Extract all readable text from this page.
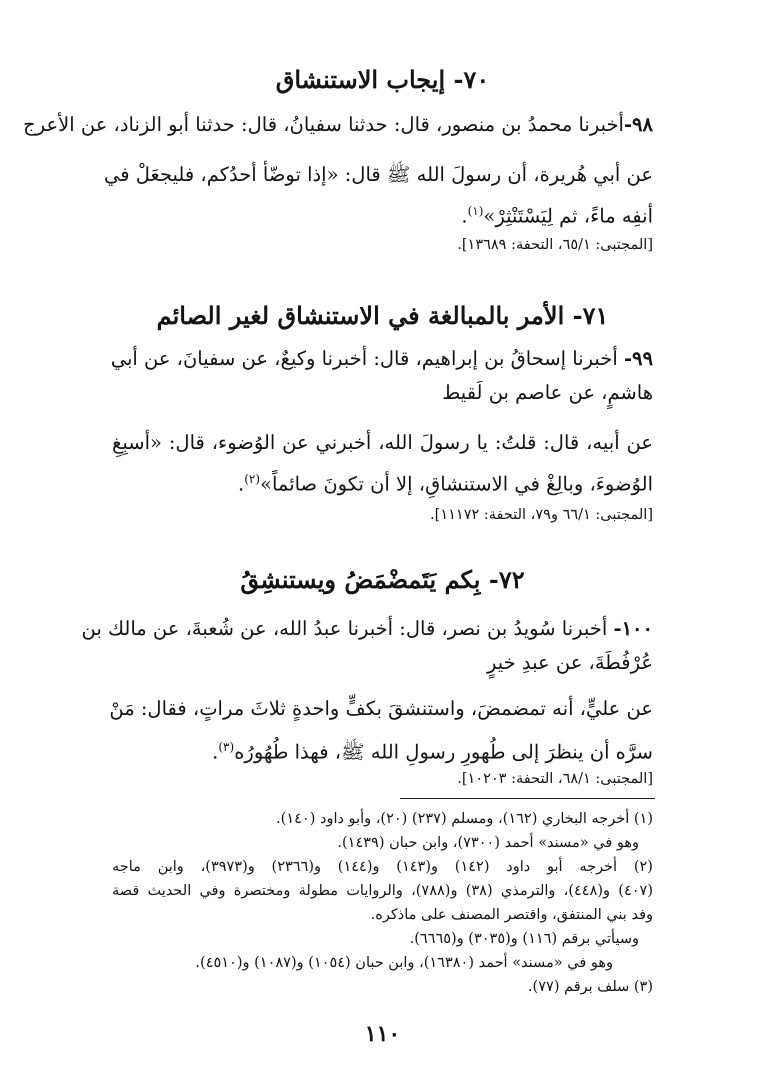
٧٠- إيجاب الاستنشاق
٩٨-أخبرنا محمدُ بن منصور، قال: حدثنا سفيانُ، قال: حدثنا أبو الزناد، عن الأعرج
عن أبي هُريرة، أن رسولَ الله ﷺ قال: «إذا توضّأ أحدُكم، فليجعَلْ في
أنفِه ماءً، ثم لِيَسْتَنْثِرْ»$^{(١)}$.
[المجتبى: ٦٥/١، التحفة: ١٣٦٨٩].
٧١- الأمر بالمبالغة في الاستنشاق لغير الصائم
٩٩- أخبرنا إسحاقُ بن إبراهيم، قال: أخبرنا وكيعٌ، عن سفيانَ، عن أبي
هاشمٍ، عن عاصم بن لَقيط
عن أبيه، قال: قلتُ: يا رسولَ الله، أخبرني عن الوُضوء، قال: «أسبِغِ
الوُضوءَ، وبالِغْ في الاستنشاقِ، إلا أن تكونَ صائماً»$^{(٢)}$.
[المجتبى: ٦٦/١ و٧٩، التحفة: ١١١٧٢].
٧٢- بِكم يَتَمضْمَضُ ويستنشِقُ
١٠٠- أخبرنا سُويدُ بن نصر، قال: أخبرنا عبدُ الله، عن شُعبةَ، عن مالك بن
عُرْفُطَةَ، عن عبدِ خيرٍ
عن عليٍّ، أنه تمضمضَ، واستنشقَ بكفٍّ واحدةٍ ثلاثَ مراتٍ، فقال: مَنْ
سرَّه أن ينظرَ إلى طُهورِ رسولِ الله ﷺ، فهذا طُهُورُه$^{(٣)}$.
[المجتبى: ٦٨/١، التحفة: ١٠٢٠٣].
(١) أخرجه البخاري (١٦٢)، ومسلم (٢٣٧) (٢٠)، وأبو داود (١٤٠).
وهو في «مسند» أحمد (٧٣٠٠)، وابن حبان (١٤٣٩).
(٢) أخرجه أبو داود (١٤٢) و(١٤٣) و(١٤٤) و(٢٣٦٦) و(٣٩٧٣)، وابن ماجه
(٤٠٧) و(٤٤٨)، والترمذي (٣٨) و(٧٨٨)، والروايات مطولة ومختصرة وفي الحديث قصة
وفد بني المنتفق، واقتصر المصنف على ماذكره.
وسيأتي برقم (١١٦) و(٣٠٣٥) و(٦٦٦٥).
وهو في «مسند» أحمد (١٦٣٨٠)، وابن حبان (١٠٥٤) و(١٠٨٧) و(٤٥١٠).
(٣) سلف برقم (٧٧).
١١٠
